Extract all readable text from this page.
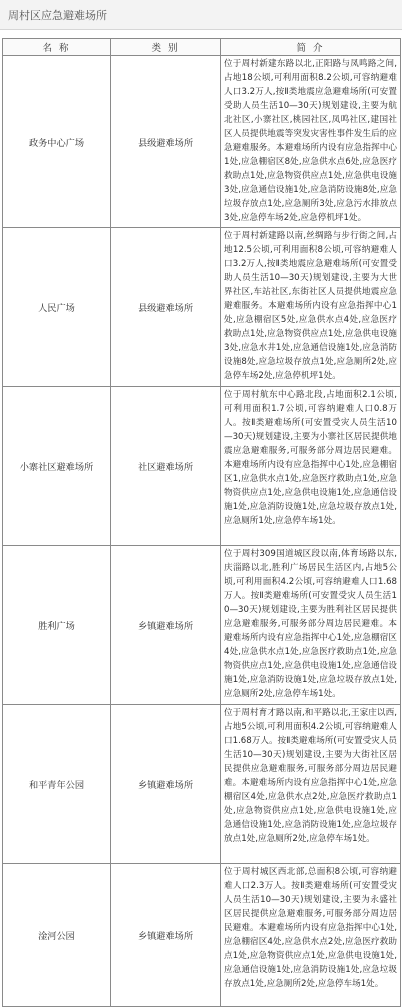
周村区应急避难场所
名 称	类 别	简 介
政务中心广场	县级避难场所	位于周村新建东路以北,正阳路与凤鸣路之间,占地18公顷,可利用面积8.2公顷,可容纳避难人口3.2万人,按Ⅱ类地震应急避难场所(可安置受助人员生活10—30天)规划建设,主要为航北社区,小寨社区,桃园社区,凤鸣社区,建国社区人员提供地震等突发灾害性事件发生后的应急避难服务。本避难场所内设有应急指挥中心1处,应急棚宿区8处,应急供水点6处,应急医疗救助点1处,应急物资供应点1处,应急供电设施3处,应急通信设施1处,应急消防设施8处,应急垃圾存放点1处,应急厕所3处,应急污水排放点3处,应急停车场2处,应急停机坪1处。
人民广场	县级避难场所	位于周村新建路以南,丝绸路与步行街之间,占地12.5公顷,可利用面积8公顷,可容纳避难人口3.2万人,按Ⅱ类地震应急避难场所(可安置受助人员生活10—30天)规划建设,主要为大世界社区,车站社区,东街社区人员提供地震应急避难服务。本避难场所内设有应急指挥中心1处,应急棚宿区5处,应急供水点4处,应急医疗救助点1处,应急物资供应点1处,应急供电设施3处,应急水井1处,应急通信设施1处,应急消防设施8处,应急垃圾存放点1处,应急厕所2处,应急停车场2处,应急停机坪1处。
小寨社区避难场所	社区避难场所	位于周村航东中心路北段,占地面积2.1公顷,可利用面积1.7公顷,可容纳避难人口0.8万人。按Ⅱ类避难场所(可安置受灾人员生活10—30天)规划建设,主要为小寨社区居民提供地震应急避难服务,可服务部分周边居民避难。本避难场所内设有应急指挥中心1处,应急棚宿区1,应急供水点1处,应急医疗救助点1处,应急物资供应点1处,应急供电设施1处,应急通信设施1处,应急消防设施1处,应急垃圾存放点1处,应急厕所1处,应急停车场1处。
胜利广场	乡镇避难场所	位于周村309国道城区段以南,体育场路以东,庆淄路以北,胜利广场居民生活区内,占地5公顷,可利用面积4.2公顷,可容纳避难人口1.68万人。按Ⅱ类避难场所(可安置受灾人员生活10—30天)规划建设,主要为胜利社区居民提供应急避难服务,可服务部分周边居民避难。本避难场所内设有应急指挥中心1处,应急棚宿区4处,应急供水点1处,应急医疗救助点1处,应急物资供应点1处,应急供电设施1处,应急通信设施1处,应急消防设施1处,应急垃圾存放点1处,应急厕所2处,应急停车场1处。
和平青年公园	乡镇避难场所	位于周村育才路以南,和平路以北,王家庄以西,占地5公顷,可利用面积4.2公顷,可容纳避难人口1.68万人。按Ⅱ类避难场所(可安置受灾人员生活10—30天)规划建设,主要为大街社区居民提供应急避难服务,可服务部分周边居民避难。本避难场所内设有应急指挥中心1处,应急棚宿区4处,应急供水点2处,应急医疗救助点1处,应急物资供应点1处,应急供电设施1处,应急通信设施1处,应急消防设施1处,应急垃圾存放点1处,应急厕所2处,应急停车场1处。
淦河公园	乡镇避难场所	位于周村城区西北部,总面积8公顷,可容纳避难人口2.3万人。按Ⅱ类避难场所(可安置受灾人员生活10—30天)规划建设,主要为永盛社区居民提供应急避难服务,可服务部分周边居民避难。本避难场所内设有应急指挥中心1处,应急棚宿区4处,应急供水点2处,应急医疗救助点1处,应急物资供应点1处,应急供电设施1处,应急通信设施1处,应急消防设施1处,应急垃圾存放点1处,应急厕所2处,应急停车场1处。
